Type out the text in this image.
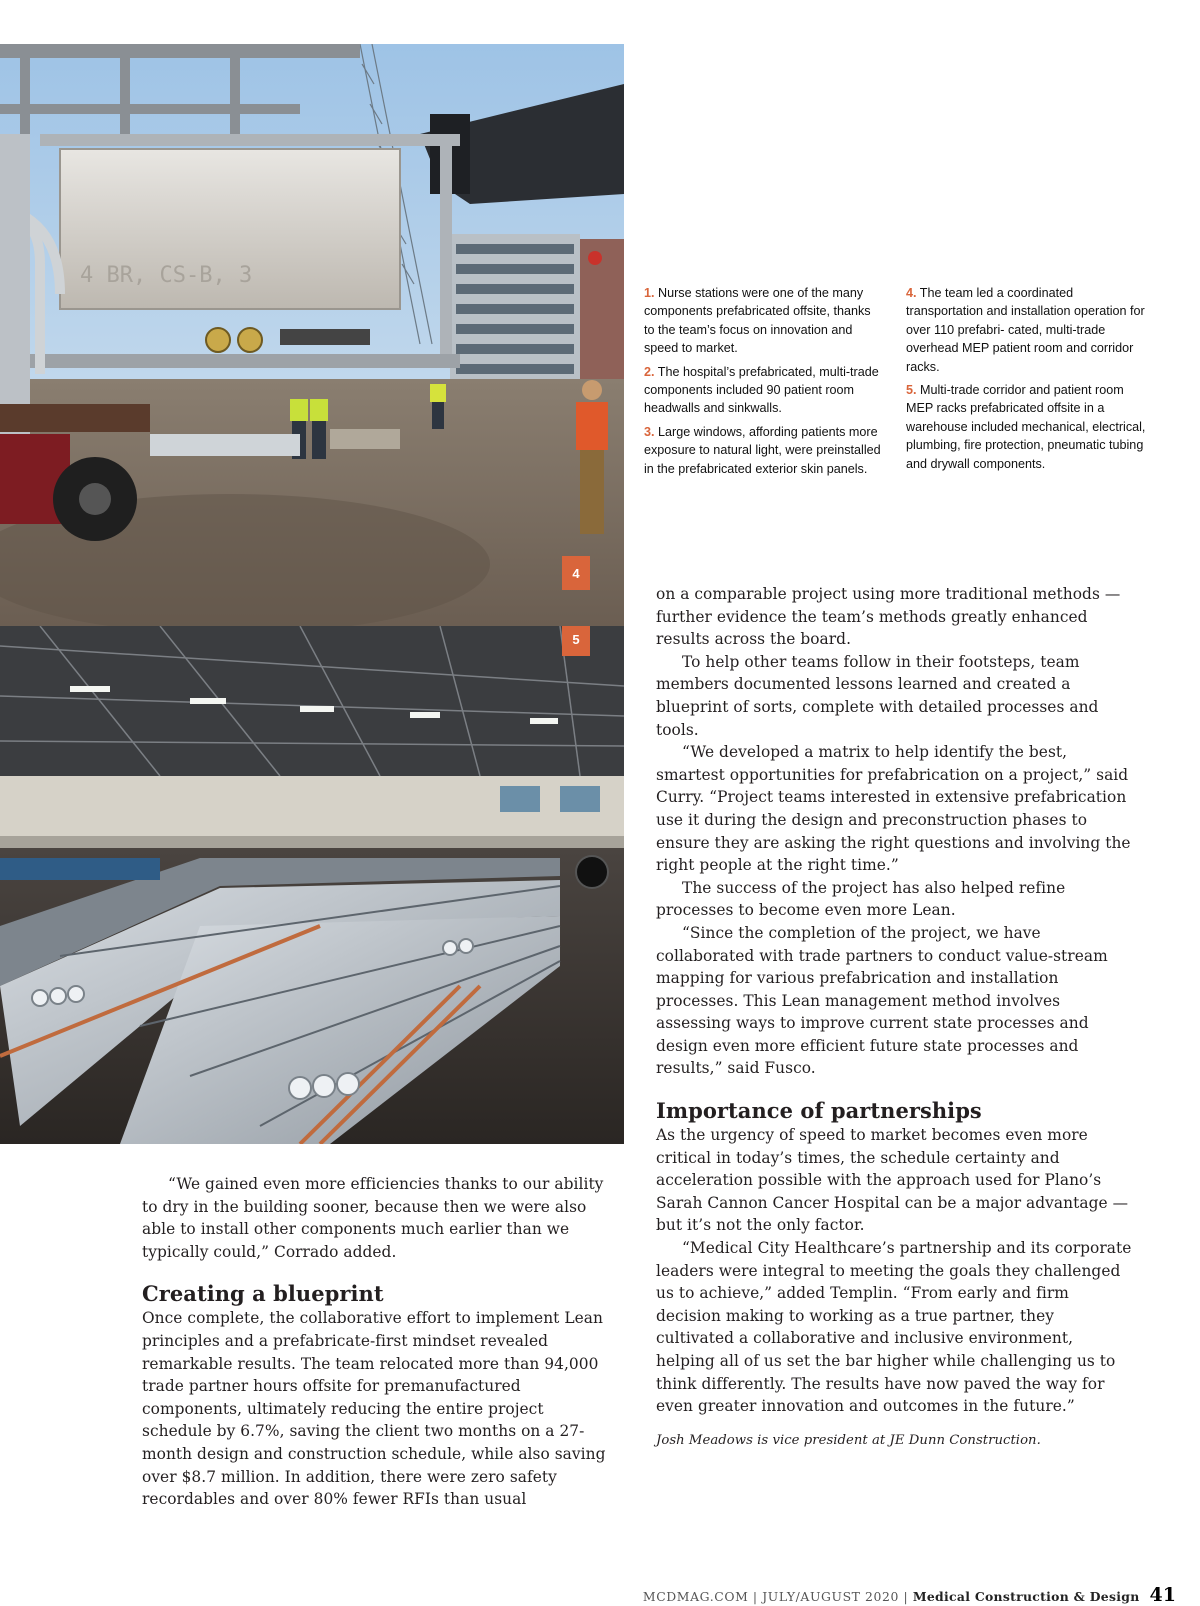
4 BR, CS-B, 3
4
5

1. Nurse stations were one of the many components prefabricated offsite, thanks to the team’s focus on innovation and speed to market.

2. The hospital’s prefabricated, multi-trade components included 90 patient room headwalls and sinkwalls.

3. Large windows, affording patients more exposure to natural light, were preinstalled in the prefabricated exterior skin panels.

4. The team led a coordinated transportation and installation operation for over 110 prefabri- cated, multi-trade overhead MEP patient room and corridor racks.

5. Multi-trade corridor and patient room MEP racks prefabricated offsite in a warehouse included mechanical, electrical, plumbing, fire protection, pneumatic tubing and drywall components.

“We gained even more efficiencies thanks to our ability to dry in the building sooner, because then we were also able to install other components much earlier than we typically could,” Corrado added.

Creating a blueprint

Once complete, the collaborative effort to implement Lean principles and a prefabricate-first mindset revealed remarkable results. The team relocated more than 94,000 trade partner hours offsite for premanufactured components, ultimately reducing the entire project schedule by 6.7%, saving the client two months on a 27-month design and construction schedule, while also saving over $8.7 million. In addition, there were zero safety recordables and over 80% fewer RFIs than usual

on a comparable project using more traditional methods — further evidence the team’s methods greatly enhanced results across the board.

To help other teams follow in their footsteps, team members documented lessons learned and created a blueprint of sorts, complete with detailed processes and tools.

“We developed a matrix to help identify the best, smartest opportunities for prefabrication on a project,” said Curry. “Project teams interested in extensive prefabrication use it during the design and preconstruction phases to ensure they are asking the right questions and involving the right people at the right time.”

The success of the project has also helped refine processes to become even more Lean.

“Since the completion of the project, we have collaborated with trade partners to conduct value-stream mapping for various prefabrication and installation processes. This Lean management method involves assessing ways to improve current state processes and design even more efficient future state processes and results,” said Fusco.

Importance of partnerships

As the urgency of speed to market becomes even more critical in today’s times, the schedule certainty and acceleration possible with the approach used for Plano’s Sarah Cannon Cancer Hospital can be a major advantage — but it’s not the only factor.

“Medical City Healthcare’s partnership and its corporate leaders were integral to meeting the goals they challenged us to achieve,” added Templin. “From early and firm decision making to working as a true partner, they cultivated a collaborative and inclusive environment, helping all of us set the bar higher while challenging us to think differently. The results have now paved the way for even greater innovation and outcomes in the future.”

Josh Meadows is vice president at JE Dunn Construction.

MCDMAG.COM | JULY/AUGUST 2020 | Medical Construction & Design 41
